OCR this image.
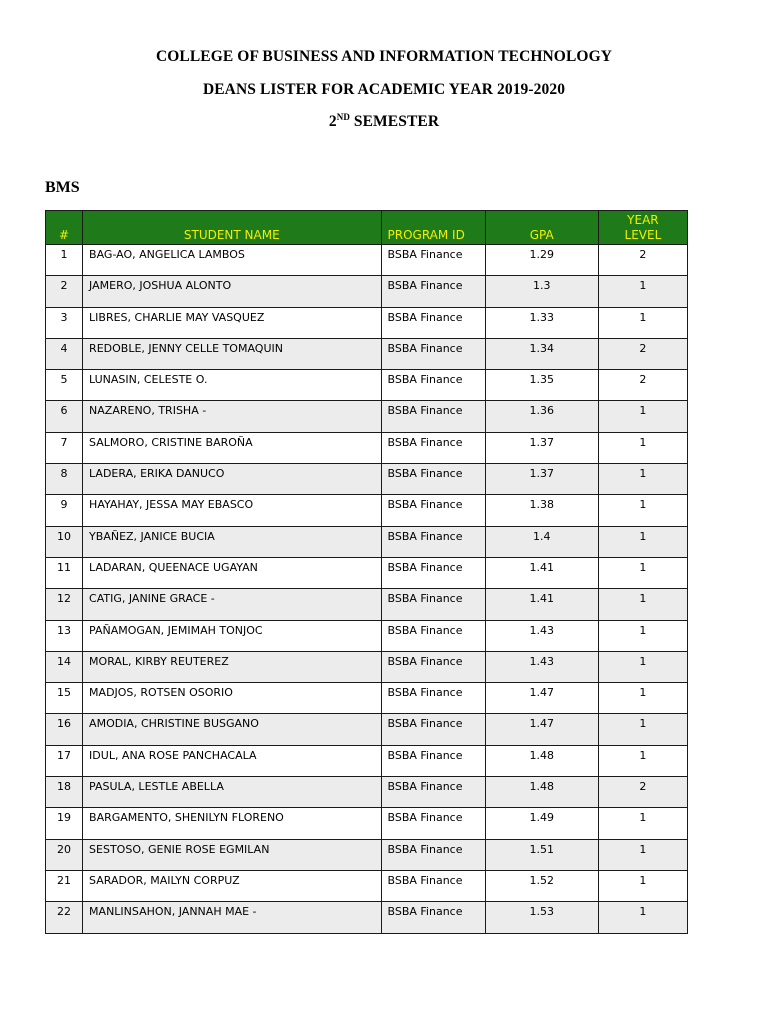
COLLEGE OF BUSINESS AND INFORMATION TECHNOLOGY
DEANS LISTER FOR ACADEMIC YEAR 2019-2020
2ND SEMESTER
BMS
#	STUDENT NAME	PROGRAM ID	GPA	YEAR
LEVEL

1	BAG-AO, ANGELICA LAMBOS	BSBA Finance	1.29	2
2	JAMERO, JOSHUA ALONTO	BSBA Finance	1.3	1
3	LIBRES, CHARLIE MAY VASQUEZ	BSBA Finance	1.33	1
4	REDOBLE, JENNY CELLE TOMAQUIN	BSBA Finance	1.34	2
5	LUNASIN, CELESTE O.	BSBA Finance	1.35	2
6	NAZARENO, TRISHA -	BSBA Finance	1.36	1
7	SALMORO, CRISTINE BAROÑA	BSBA Finance	1.37	1
8	LADERA, ERIKA DANUCO	BSBA Finance	1.37	1
9	HAYAHAY, JESSA MAY EBASCO	BSBA Finance	1.38	1
10	YBAÑEZ, JANICE BUCIA	BSBA Finance	1.4	1
11	LADARAN, QUEENACE UGAYAN	BSBA Finance	1.41	1
12	CATIG, JANINE GRACE -	BSBA Finance	1.41	1
13	PAÑAMOGAN, JEMIMAH TONJOC	BSBA Finance	1.43	1
14	MORAL, KIRBY REUTEREZ	BSBA Finance	1.43	1
15	MADJOS, ROTSEN OSORIO	BSBA Finance	1.47	1
16	AMODIA, CHRISTINE BUSGANO	BSBA Finance	1.47	1
17	IDUL, ANA ROSE PANCHACALA	BSBA Finance	1.48	1
18	PASULA, LESTLE ABELLA	BSBA Finance	1.48	2
19	BARGAMENTO, SHENILYN FLORENO	BSBA Finance	1.49	1
20	SESTOSO, GENIE ROSE EGMILAN	BSBA Finance	1.51	1
21	SARADOR, MAILYN CORPUZ	BSBA Finance	1.52	1
22	MANLINSAHON, JANNAH MAE -	BSBA Finance	1.53	1
